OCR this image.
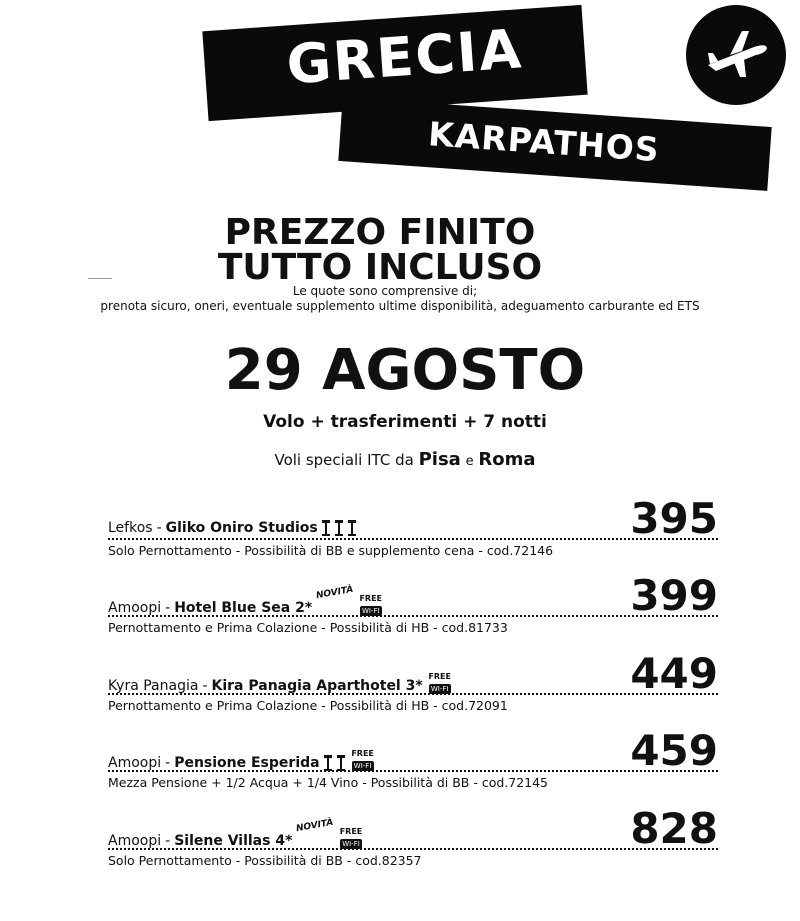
GRECIA
KARPATHOS
PREZZO FINITO
TUTTO INCLUSO
Le quote sono comprensive di;
prenota sicuro, oneri, eventuale supplemento ultime disponibilità, adeguamento carburante ed ETS
29 AGOSTO
Volo + trasferimenti + 7 notti
Voli speciali ITC da Pisa e Roma
Lefkos - Gliko Oniro Studios	395
Solo Pernottamento - Possibilità di BB e supplemento cena - cod.72146
Amoopi - Hotel Blue Sea 2*NOVITÀ FREE
WI-FI	399
Pernottamento e Prima Colazione - Possibilità di HB - cod.81733
Kyra Panagia - Kira Panagia Aparthotel 3*
FREE
WI-FI	449
Pernottamento e Prima Colazione - Possibilità di HB - cod.72091
Amoopi - Pensione Esperida
FREE
WI-FI	459
Mezza Pensione + 1/2 Acqua + 1/4 Vino - Possibilità di BB - cod.72145
Amoopi - Silene Villas 4*NOVITÀ FREE
WI-FI	828
Solo Pernottamento - Possibilità di BB - cod.82357
